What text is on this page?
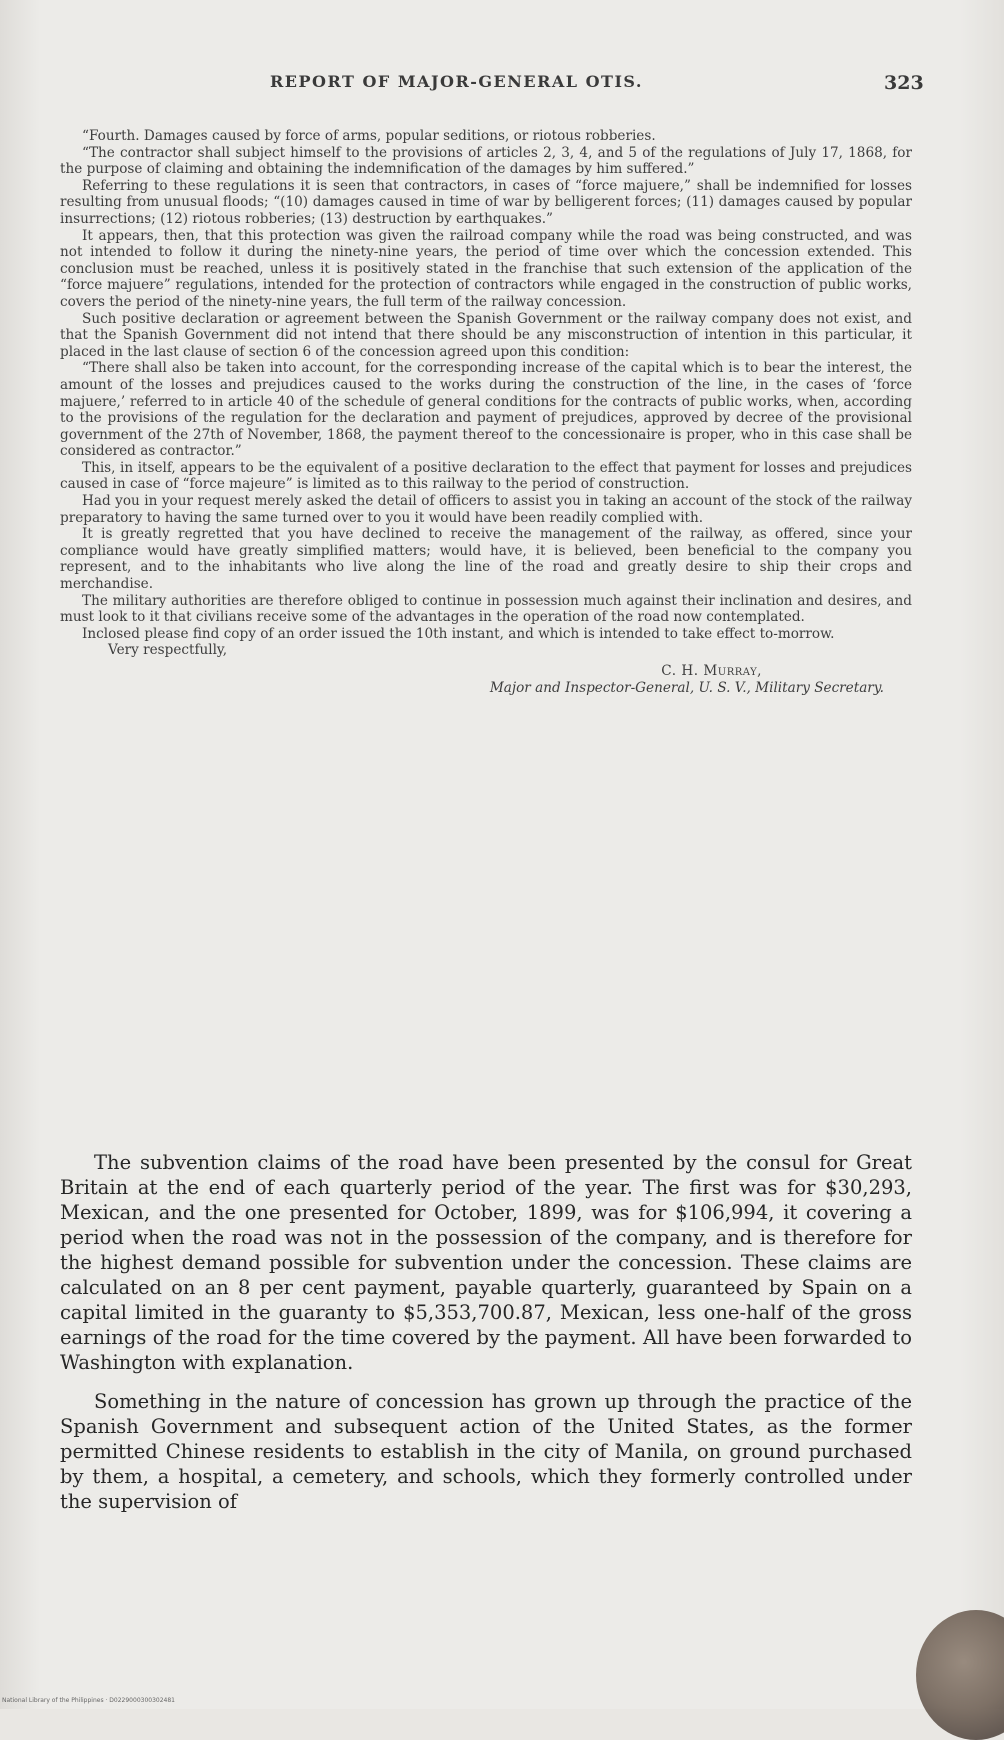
REPORT OF MAJOR-GENERAL OTIS.	323

“Fourth. Damages caused by force of arms, popular seditions, or riotous robberies.

“The contractor shall subject himself to the provisions of articles 2, 3, 4, and 5 of the regulations of July 17, 1868, for the purpose of claiming and obtaining the indemnification of the damages by him suffered.”

Referring to these regulations it is seen that contractors, in cases of “force majuere,” shall be indemnified for losses resulting from unusual floods; “(10) damages caused in time of war by belligerent forces; (11) damages caused by popular insurrections; (12) riotous robberies; (13) destruction by earthquakes.”

It appears, then, that this protection was given the railroad company while the road was being constructed, and was not intended to follow it during the ninety-nine years, the period of time over which the concession extended. This conclusion must be reached, unless it is positively stated in the franchise that such extension of the application of the “force majuere” regulations, intended for the protection of contractors while engaged in the construction of public works, covers the period of the ninety-nine years, the full term of the railway concession.

Such positive declaration or agreement between the Spanish Government or the railway company does not exist, and that the Spanish Government did not intend that there should be any misconstruction of intention in this particular, it placed in the last clause of section 6 of the concession agreed upon this condition:

“There shall also be taken into account, for the corresponding increase of the capital which is to bear the interest, the amount of the losses and prejudices caused to the works during the construction of the line, in the cases of ‘force majuere,’ referred to in article 40 of the schedule of general conditions for the contracts of public works, when, according to the provisions of the regulation for the declaration and payment of prejudices, approved by decree of the provisional government of the 27th of November, 1868, the payment thereof to the concessionaire is proper, who in this case shall be considered as contractor.”

This, in itself, appears to be the equivalent of a positive declaration to the effect that payment for losses and prejudices caused in case of “force majeure” is limited as to this railway to the period of construction.

Had you in your request merely asked the detail of officers to assist you in taking an account of the stock of the railway preparatory to having the same turned over to you it would have been readily complied with.

It is greatly regretted that you have declined to receive the management of the railway, as offered, since your compliance would have greatly simplified matters; would have, it is believed, been beneficial to the company you represent, and to the inhabitants who live along the line of the road and greatly desire to ship their crops and merchandise.

The military authorities are therefore obliged to continue in possession much against their inclination and desires, and must look to it that civilians receive some of the advantages in the operation of the road now contemplated.

Inclosed please find copy of an order issued the 10th instant, and which is intended to take effect to-morrow.

Very respectfully,
C. H. Murray,
Major and Inspector-General, U. S. V., Military Secretary.

The subvention claims of the road have been presented by the consul for Great Britain at the end of each quarterly period of the year. The first was for $30,293, Mexican, and the one presented for October, 1899, was for $106,994, it covering a period when the road was not in the possession of the company, and is therefore for the highest demand possible for subvention under the concession. These claims are calculated on an 8 per cent payment, payable quarterly, guaranteed by Spain on a capital limited in the guaranty to $5,353,700.87, Mexican, less one-half of the gross earnings of the road for the time covered by the payment. All have been forwarded to Washington with explanation.

Something in the nature of concession has grown up through the practice of the Spanish Government and subsequent action of the United States, as the former permitted Chinese residents to establish in the city of Manila, on ground purchased by them, a hospital, a cemetery, and schools, which they formerly controlled under the supervision of

National Library of the Philippines · D0229000300302481
